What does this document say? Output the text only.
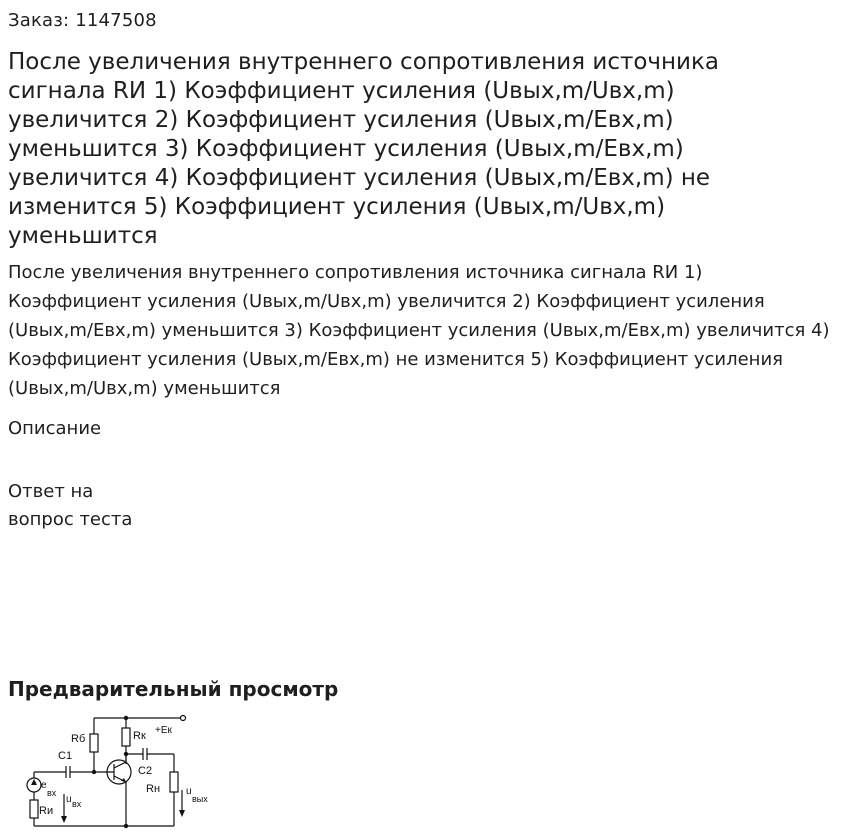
Заказ: 1147508
После увеличения внутреннего сопротивления источника сигнала RИ 1) Коэффициент усиления (Uвых,m/Uвх,m) увеличится 2) Коэффициент усиления (Uвых,m/Eвх,m) уменьшится 3) Коэффициент усиления (Uвых,m/Eвх,m) увеличится 4) Коэффициент усиления (Uвых,m/Eвх,m) не изменится 5) Коэффициент усиления (Uвых,m/Uвх,m) уменьшится

После увеличения внутреннего сопротивления источника сигнала RИ 1) Коэффициент усиления (Uвых,m/Uвх,m) увеличится 2) Коэффициент усиления (Uвых,m/Eвх,m) уменьшится 3) Коэффициент усиления (Uвых,m/Eвх,m) увеличится 4) Коэффициент усиления (Uвых,m/Eвх,m) не изменится 5) Коэффициент усиления (Uвых,m/Uвх,m) уменьшится

Описание
Ответ на
вопрос теста
Предварительный просмотр
Rб	Rк +Eк
C1
C2
Rн
Rи
e
вх
u вх
u
вых
